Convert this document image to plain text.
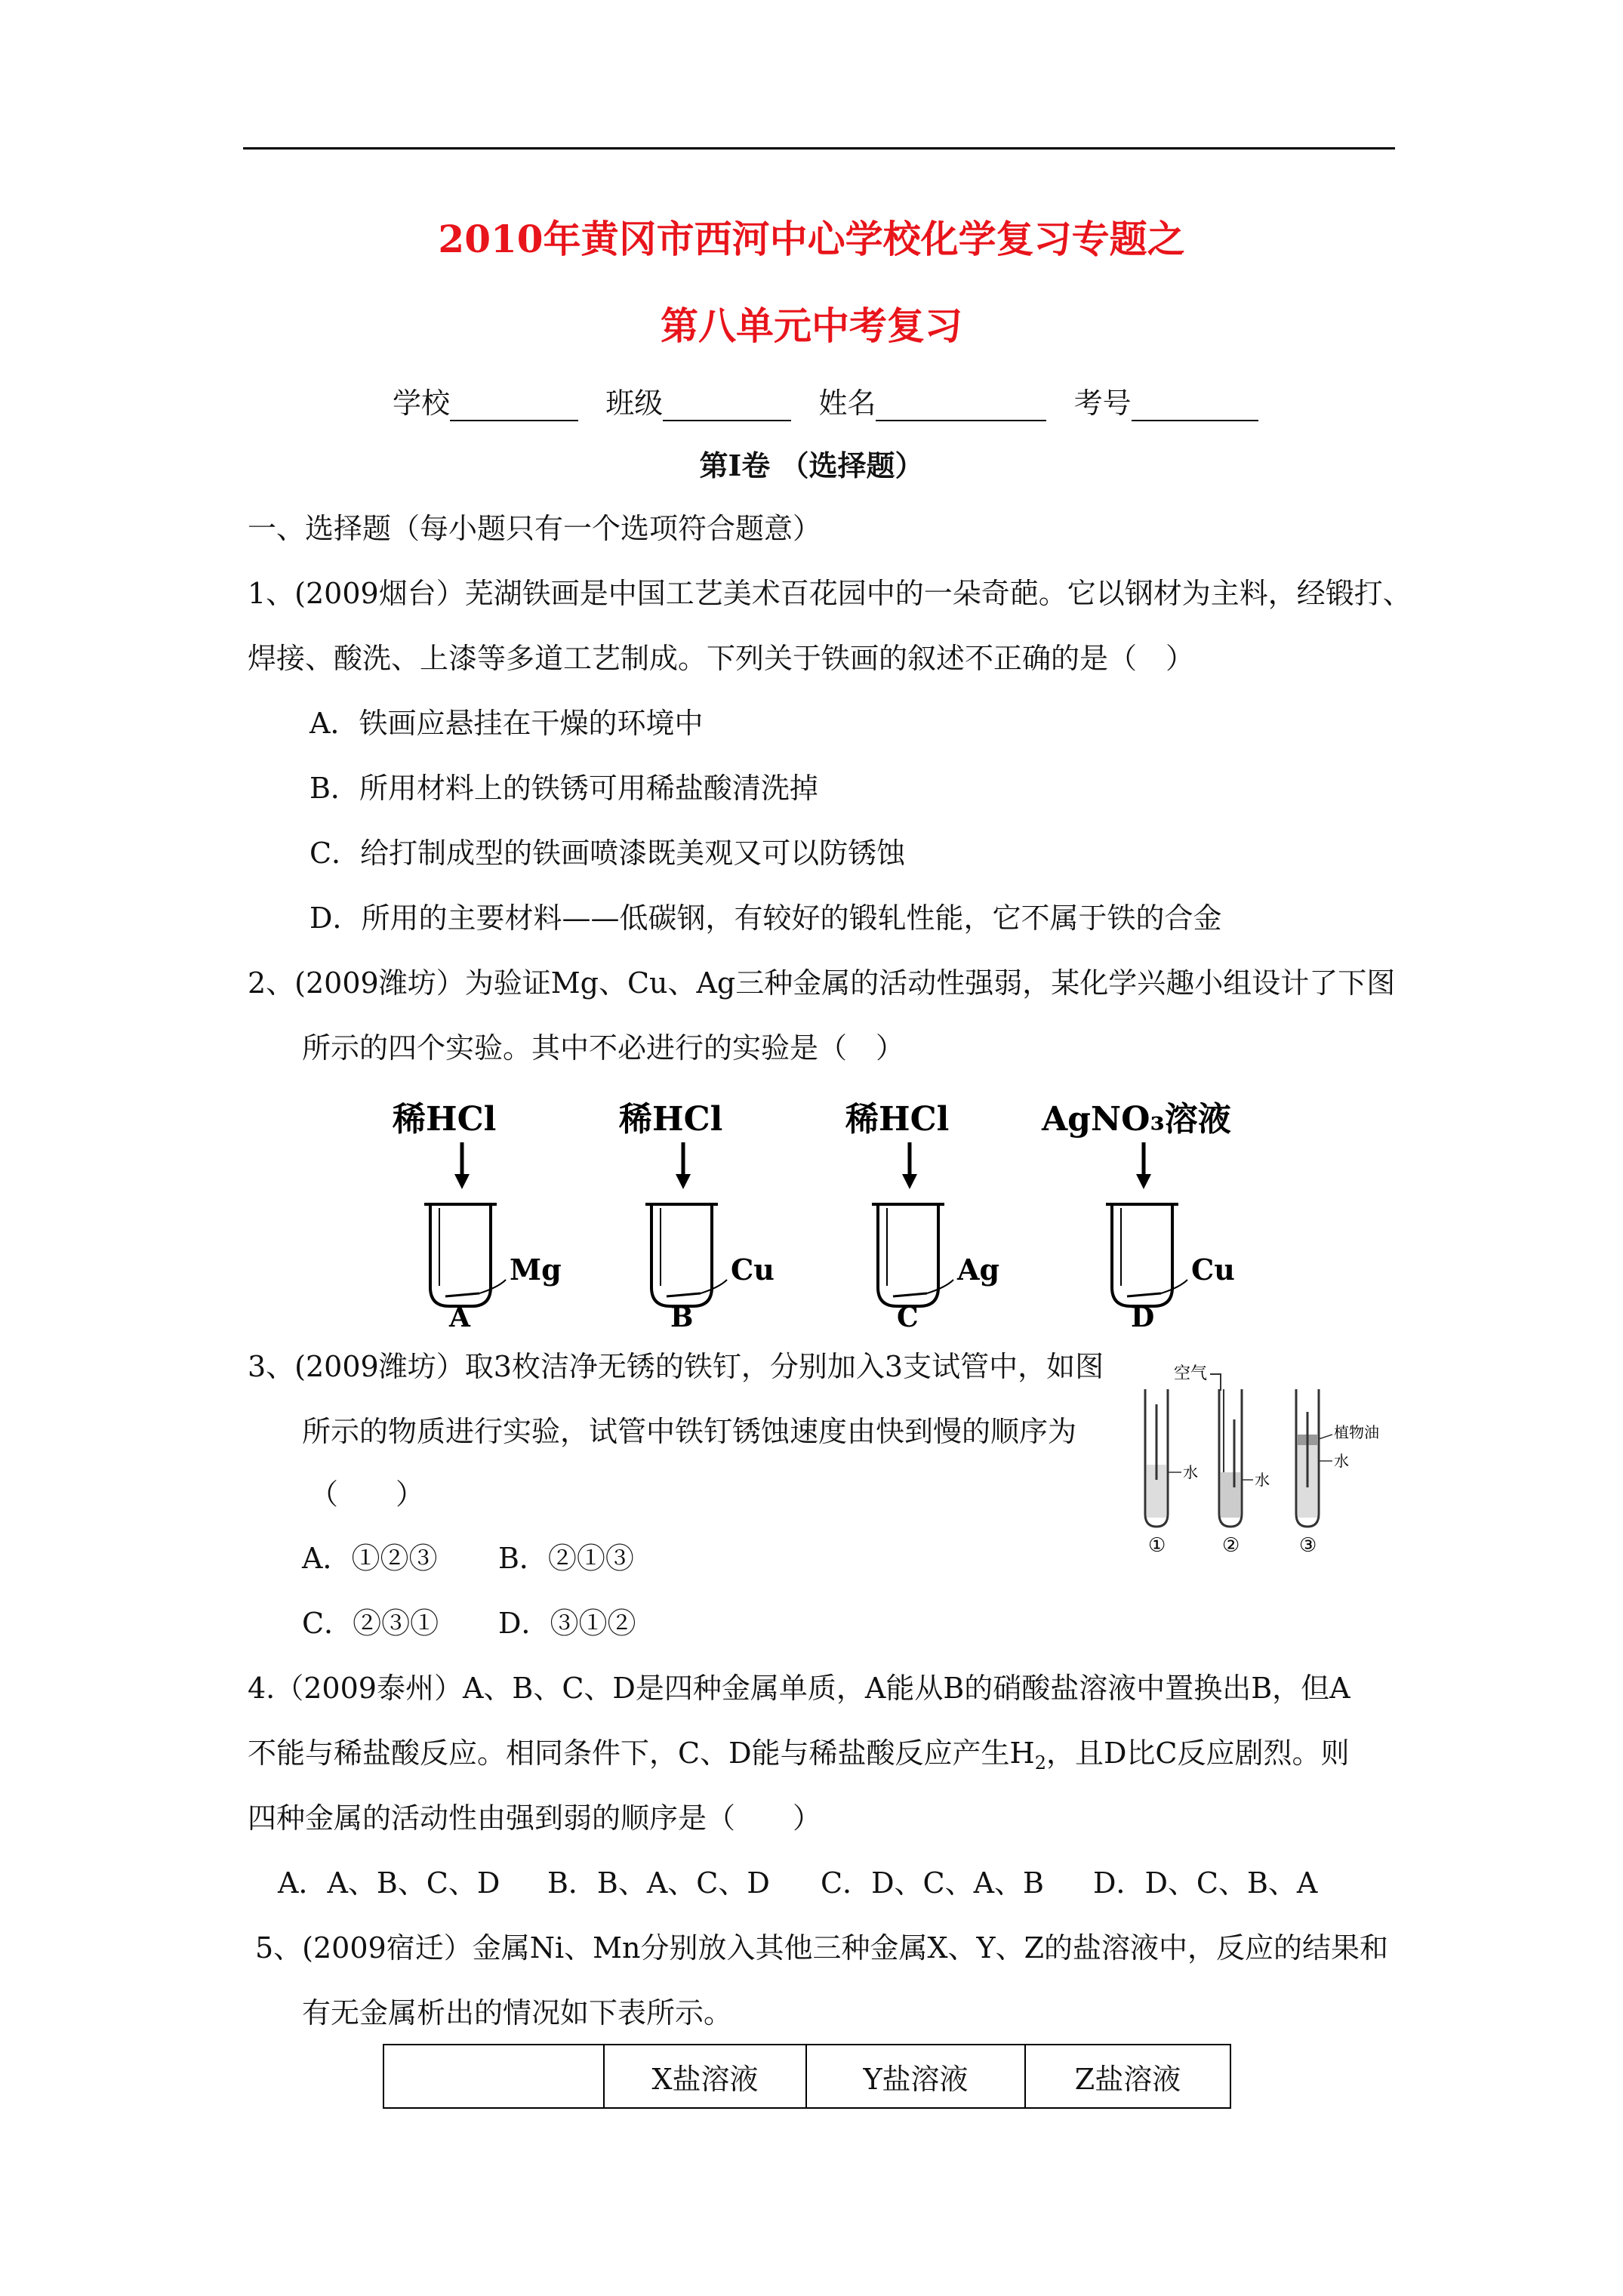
2010年黄冈市西河中心学校化学复习专题之
第八单元中考复习
学校	班级	姓名	考号
第Ⅰ卷 （选择题）
一、选择题（每小题只有一个选项符合题意）
1、(2009烟台）芜湖铁画是中国工艺美术百花园中的一朵奇葩。它以钢材为主料，经锻打、
焊接、酸洗、上漆等多道工艺制成。下列关于铁画的叙述不正确的是（　）
A．铁画应悬挂在干燥的环境中
B．所用材料上的铁锈可用稀盐酸清洗掉
C．给打制成型的铁画喷漆既美观又可以防锈蚀
D．所用的主要材料——低碳钢，有较好的锻轧性能，它不属于铁的合金
2、(2009潍坊）为验证Mg、Cu、Ag三种金属的活动性强弱，某化学兴趣小组设计了下图
所示的四个实验。其中不必进行的实验是（　）
稀HCl
Mg
A
稀HCl
Cu
B
稀HCl
Ag
C
AgNO₃溶液
Cu
D
3、(2009潍坊）取3枚洁净无锈的铁钉，分别加入3支试管中，如图
所示的物质进行实验，试管中铁钉锈蚀速度由快到慢的顺序为
（　　）
A．①②③ B．②①③
C．②③① D．③①②
空气
水
①
水
②
植物油
水
③
4.（2009泰州）A、B、C、D是四种金属单质，A能从B的硝酸盐溶液中置换出B，但A
不能与稀盐酸反应。相同条件下，C、D能与稀盐酸反应产生$H_2$，且D比C反应剧烈。则
四种金属的活动性由强到弱的顺序是（　　）
A．A、B、C、D B．B、A、C、D C．D、C、A、B D．D、C、B、A
5、(2009宿迁）金属Ni、Mn分别放入其他三种金属X、Y、Z的盐溶液中，反应的结果和
有无金属析出的情况如下表所示。
	X盐溶液	Y盐溶液	Z盐溶液
